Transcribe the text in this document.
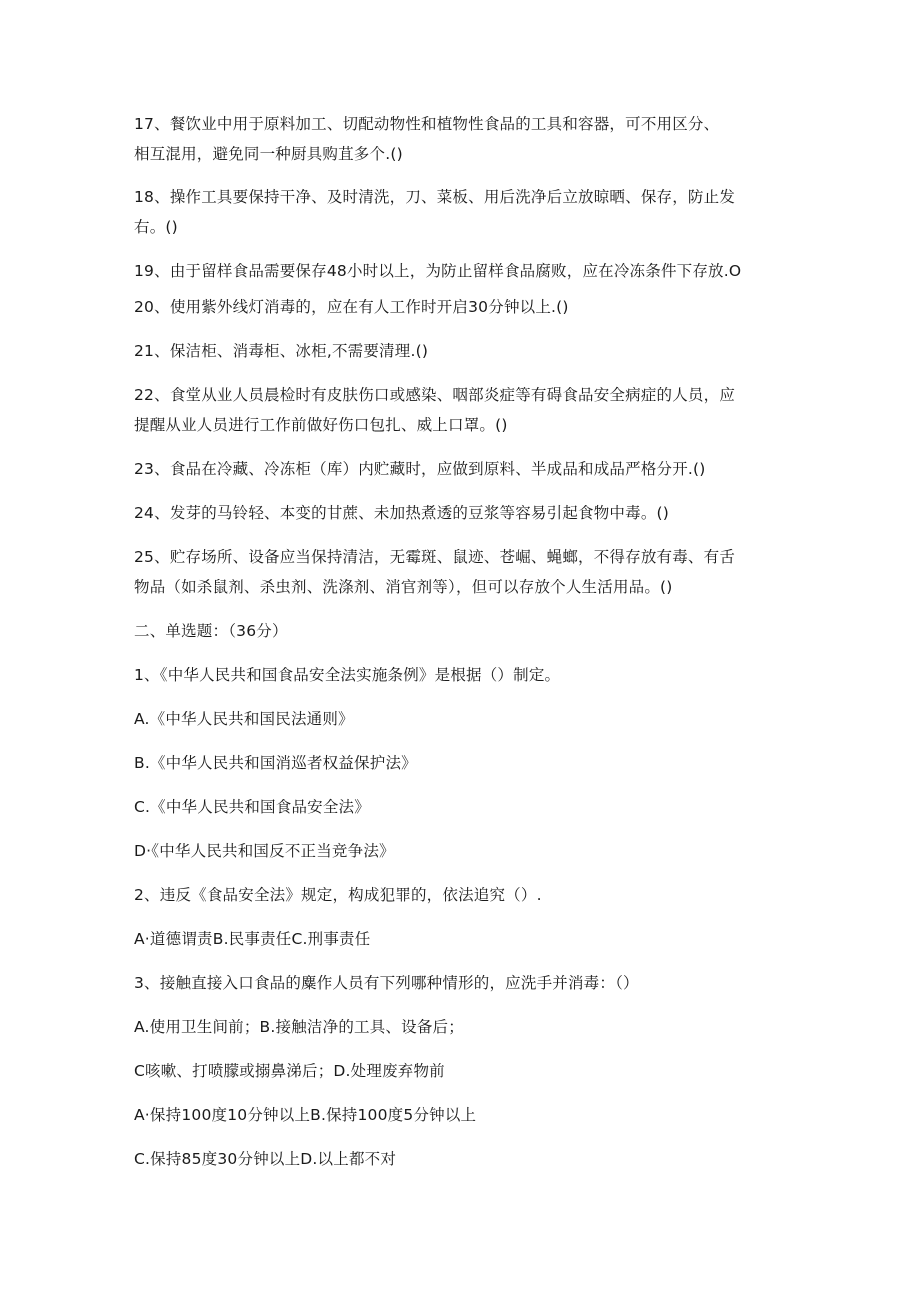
17、餐饮业中用于原料加工、切配动物性和植物性食品的工具和容器，可不用区分、
相互混用，避免同一种厨具购苴多个.()
18、操作工具要保持干净、及时清洗，刀、菜板、用后洗净后立放晾晒、保存，防止发
右。()
19、由于留样食品需要保存48小时以上，为防止留样食品腐败，应在冷冻条件下存放.O
20、使用紫外线灯消毒的，应在有人工作时开启30分钟以上.()
21、保洁柜、消毒柜、冰柜,不需要清理.()
22、食堂从业人员晨检时有皮肤伤口或感染、咽部炎症等有碍食品安全病症的人员，应
提醒从业人员进行工作前做好伤口包扎、威上口罩。()
23、食品在冷藏、冷冻柜（库）内贮藏时，应做到原料、半成品和成品严格分开.()
24、发芽的马铃轻、本变的甘蔗、未加热煮透的豆浆等容易引起食物中毒。()
25、贮存场所、设备应当保持清洁，无霉斑、鼠迹、苍崛、蝇螂，不得存放有毒、有舌
物品（如杀鼠剂、杀虫剂、洗涤剂、消官剂等），但可以存放个人生活用品。()
二、单选题：（36分）
1、《中华人民共和国食品安全法实施条例》是根据（）制定。
A.《中华人民共和国民法通则》
B.《中华人民共和国消巡者权益保护法》
C.《中华人民共和国食品安全法》
D·《中华人民共和国反不正当竞争法》
2、违反《食品安全法》规定，构成犯罪的，依法追究（）.
A·道德谓责B.民事责任C.刑事责任
3、接触直接入口食品的麋作人员有下列哪种情形的，应洗手并消毒：（）
A.使用卫生间前；B.接触洁净的工具、设备后；
C咳嗽、打喷朦或搦鼻涕后；D.处理废弃物前
A·保持100度10分钟以上B.保持100度5分钟以上
C.保持85度30分钟以上D.以上都不对
